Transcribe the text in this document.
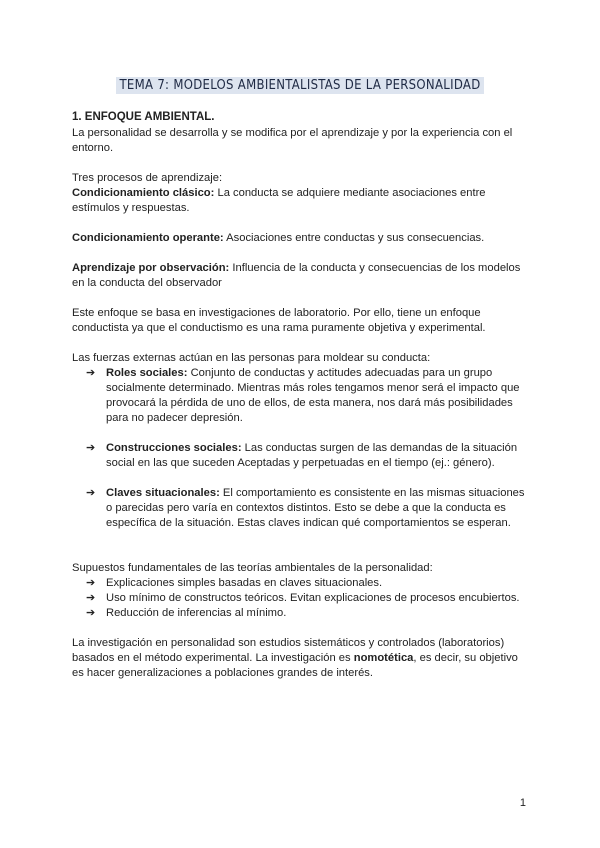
TEMA 7: MODELOS AMBIENTALISTAS DE LA PERSONALIDAD

1. ENFOQUE AMBIENTAL.

La personalidad se desarrolla y se modifica por el aprendizaje y por la experiencia con el entorno.

Tres procesos de aprendizaje:

Condicionamiento clásico: La conducta se adquiere mediante asociaciones entre estímulos y respuestas.

Condicionamiento operante: Asociaciones entre conductas y sus consecuencias.

Aprendizaje por observación: Influencia de la conducta y consecuencias de los modelos en la conducta del observador

Este enfoque se basa en investigaciones de laboratorio. Por ello, tiene un enfoque conductista ya que el conductismo es una rama puramente objetiva y experimental.

Las fuerzas externas actúan en las personas para moldear su conducta:

➔ Roles sociales: Conjunto de conductas y actitudes adecuadas para un grupo socialmente determinado. Mientras más roles tengamos menor será el impacto que provocará la pérdida de uno de ellos, de esta manera, nos dará más posibilidades para no padecer depresión.
➔ Construcciones sociales: Las conductas surgen de las demandas de la situación social en las que suceden Aceptadas y perpetuadas en el tiempo (ej.: género).
➔ Claves situacionales: El comportamiento es consistente en las mismas situaciones o parecidas pero varía en contextos distintos. Esto se debe a que la conducta es específica de la situación. Estas claves indican qué comportamientos se esperan.

Supuestos fundamentales de las teorías ambientales de la personalidad:

➔ Explicaciones simples basadas en claves situacionales.
➔ Uso mínimo de constructos teóricos. Evitan explicaciones de procesos encubiertos.
➔ Reducción de inferencias al mínimo.

La investigación en personalidad son estudios sistemáticos y controlados (laboratorios) basados en el método experimental. La investigación es nomotética, es decir, su objetivo es hacer generalizaciones a poblaciones grandes de interés.

1
